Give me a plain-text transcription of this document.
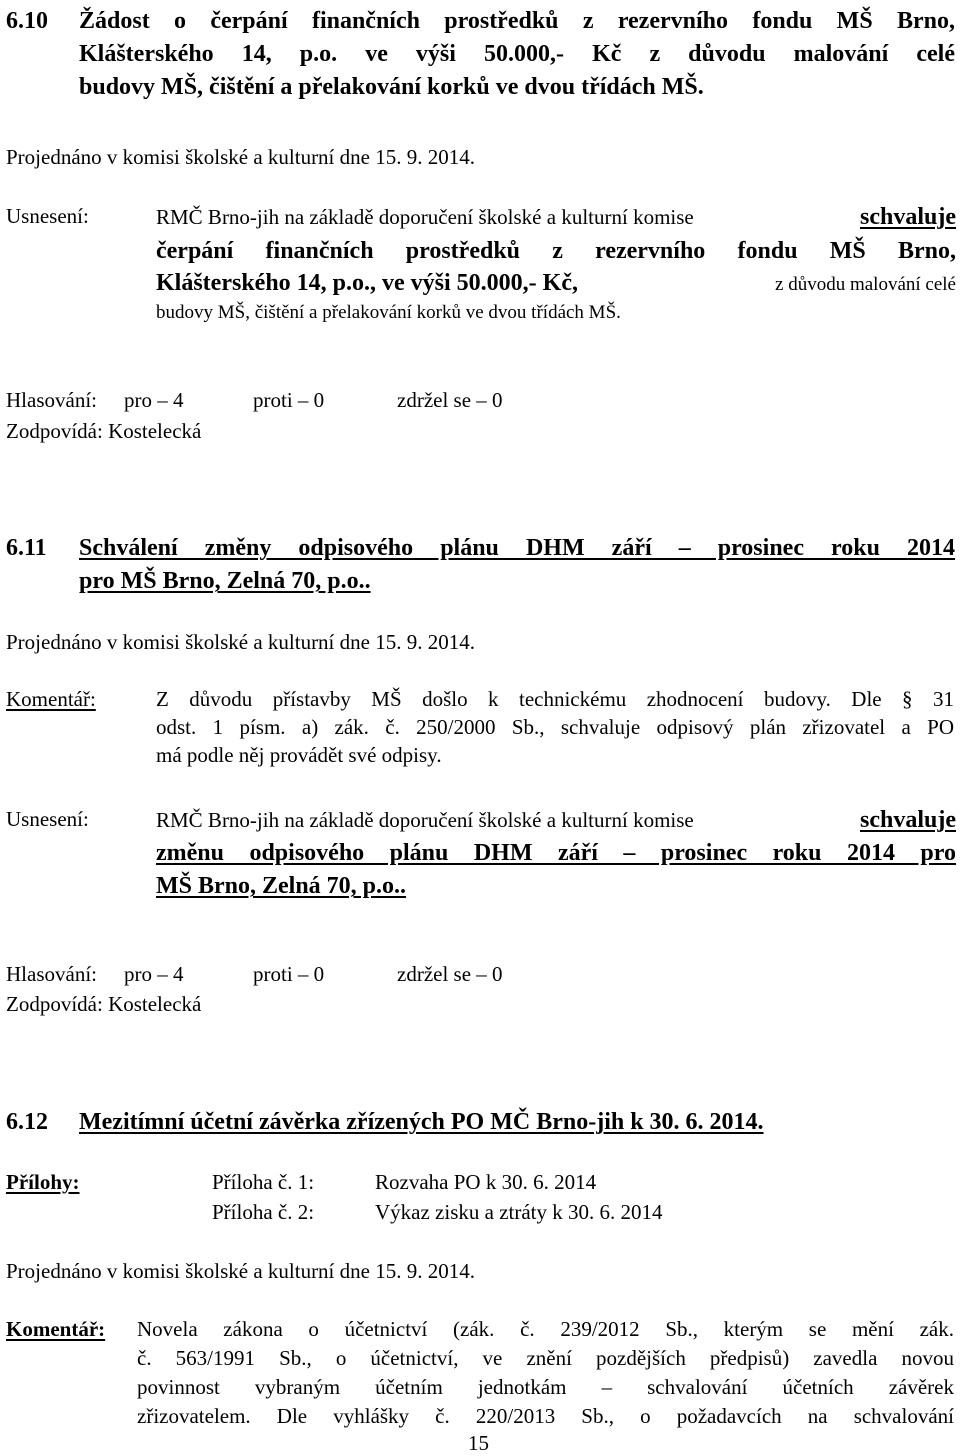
6.10 Žádost o čerpání finančních prostředků z rezervního fondu MŠ Brno,
Klášterského 14, p.o. ve výši 50.000,- Kč z důvodu malování celé
budovy MŠ, čištění a přelakování korků ve dvou třídách MŠ.
Projednáno v komisi školské a kulturní dne 15. 9. 2014.
Usnesení:	RMČ Brno-jih na základě doporučení školské a kulturní komise	schvaluje
čerpání finančních prostředků z rezervního fondu MŠ Brno,
Klášterského 14, p.o., ve výši 50.000,- Kč,	z důvodu malování celé
budovy MŠ, čištění a přelakování korků ve dvou třídách MŠ.
Hlasování: pro – 4	proti – 0	zdržel se – 0
Zodpovídá: Kostelecká
6.11 Schválení změny odpisového plánu DHM září – prosinec roku 2014
pro MŠ Brno, Zelná 70, p.o..
Projednáno v komisi školské a kulturní dne 15. 9. 2014.
Komentář:	Z důvodu přístavby MŠ došlo k technickému zhodnocení budovy. Dle § 31
odst. 1 písm. a) zák. č. 250/2000 Sb., schvaluje odpisový plán zřizovatel a PO
má podle něj provádět své odpisy.
Usnesení:	RMČ Brno-jih na základě doporučení školské a kulturní komise	schvaluje
změnu odpisového plánu DHM září – prosinec roku 2014 pro
MŠ Brno, Zelná 70, p.o..
Hlasování: pro – 4	proti – 0	zdržel se – 0
Zodpovídá: Kostelecká
6.12 Mezitímní účetní závěrka zřízených PO MČ Brno-jih k 30. 6. 2014.
Přílohy:	Příloha č. 1:	Rozvaha PO k 30. 6. 2014
Příloha č. 2:	Výkaz zisku a ztráty k 30. 6. 2014
Projednáno v komisi školské a kulturní dne 15. 9. 2014.
Komentář: Novela zákona o účetnictví (zák. č. 239/2012 Sb., kterým se mění zák.
č. 563/1991 Sb., o účetnictví, ve znění pozdějších předpisů) zavedla novou
povinnost vybraným účetním jednotkám – schvalování účetních závěrek
zřizovatelem. Dle vyhlášky č. 220/2013 Sb., o požadavcích na schvalování
15
